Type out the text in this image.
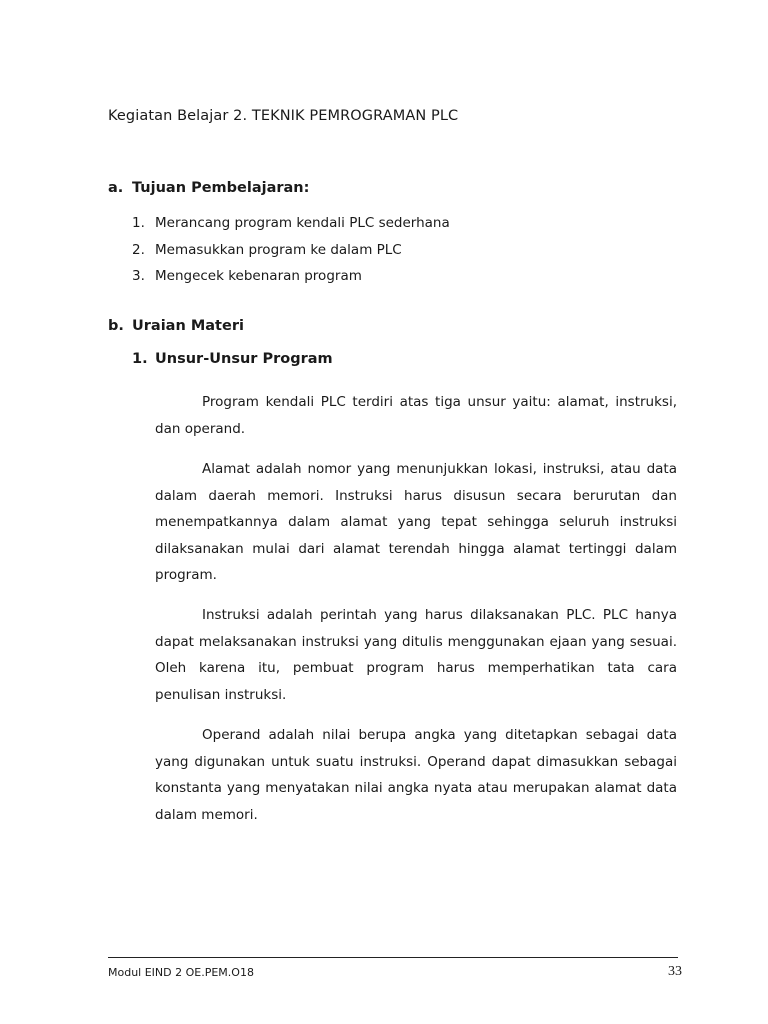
Kegiatan Belajar 2. TEKNIK PEMROGRAMAN PLC
a. Tujuan Pembelajaran:
1. Merancang program kendali PLC sederhana
2. Memasukkan program ke dalam PLC
3. Mengecek kebenaran program
b. Uraian Materi
1. Unsur-Unsur Program

Program kendali PLC terdiri atas tiga unsur yaitu: alamat, instruksi, dan operand.

Alamat adalah nomor yang menunjukkan lokasi, instruksi, atau data dalam daerah memori. Instruksi harus disusun secara berurutan dan menempatkannya dalam alamat yang tepat sehingga seluruh instruksi dilaksanakan mulai dari alamat terendah hingga alamat tertinggi dalam program.

Instruksi adalah perintah yang harus dilaksanakan PLC. PLC hanya dapat melaksanakan instruksi yang ditulis menggunakan ejaan yang sesuai. Oleh karena itu, pembuat program harus memperhatikan tata cara penulisan instruksi.

Operand adalah nilai berupa angka yang ditetapkan sebagai data yang digunakan untuk suatu instruksi. Operand dapat dimasukkan sebagai konstanta yang menyatakan nilai angka nyata atau merupakan alamat data dalam memori.

Modul EIND 2 OE.PEM.O18	33
